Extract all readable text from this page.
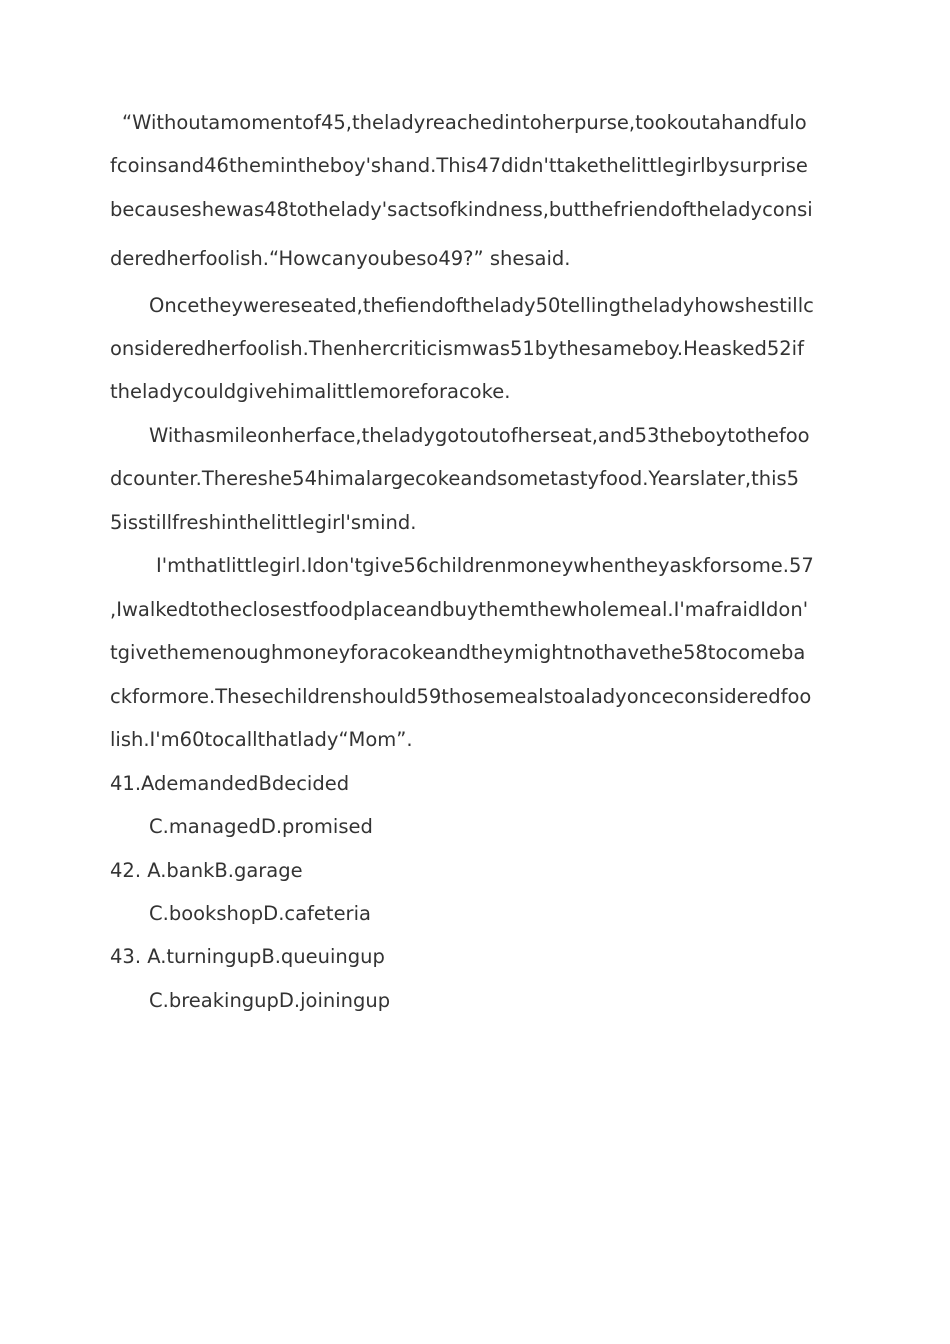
“Withoutamomentof45,theladyreachedintoherpurse,tookoutahandfulo
fcoinsand46themintheboy'shand.This47didn'ttakethelittlegirlbysurprise
becauseshewas48tothelady'sactsofkindness,butthefriendoftheladyconsi
deredherfoolish.“Howcanyoubeso49?” shesaid.
Oncetheywereseated,thefiendofthelady50tellingtheladyhowshestillc
onsideredherfoolish.Thenhercriticismwas51bythesameboy.Heasked52if
theladycouldgivehimalittlemoreforacoke.
Withasmileonherface,theladygotoutofherseat,and53theboytothefoo
dcounter.Thereshe54himalargecokeandsometastyfood.Yearslater,this5
5isstillfreshinthelittlegirl'smind.
I'mthatlittlegirl.Idon'tgive56childrenmoneywhentheyaskforsome.57
,Iwalkedtotheclosestfoodplaceandbuythemthewholemeal.I'mafraidIdon'
tgivethemenoughmoneyforacokeandtheymightnothavethe58tocomeba
ckformore.Thesechildrenshould59thosemealstoaladyonceconsideredfoo
lish.I'm60tocallthatlady“Mom”.
41.AdemandedBdecided
C.managedD.promised
42. A.bankB.garage
C.bookshopD.cafeteria
43. A.turningupB.queuingup
C.breakingupD.joiningup
